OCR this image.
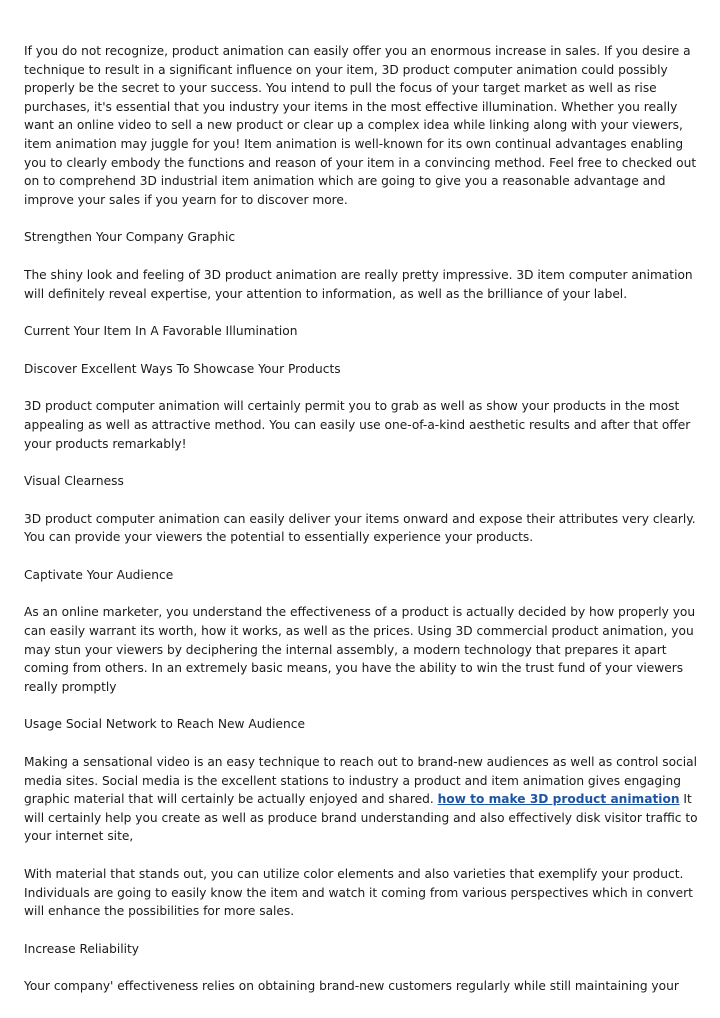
If you do not recognize, product animation can easily offer you an enormous increase in sales. If you desire a technique to result in a significant influence on your item, 3D product computer animation could possibly properly be the secret to your success. You intend to pull the focus of your target market as well as rise purchases, it's essential that you industry your items in the most effective illumination. Whether you really want an online video to sell a new product or clear up a complex idea while linking along with your viewers, item animation may juggle for you! Item animation is well-known for its own continual advantages enabling you to clearly embody the functions and reason of your item in a convincing method. Feel free to checked out on to comprehend 3D industrial item animation which are going to give you a reasonable advantage and improve your sales if you yearn for to discover more.

Strengthen Your Company Graphic

The shiny look and feeling of 3D product animation are really pretty impressive. 3D item computer animation will definitely reveal expertise, your attention to information, as well as the brilliance of your label.

Current Your Item In A Favorable Illumination

Discover Excellent Ways To Showcase Your Products

3D product computer animation will certainly permit you to grab as well as show your products in the most appealing as well as attractive method. You can easily use one-of-a-kind aesthetic results and after that offer your products remarkably!

Visual Clearness

3D product computer animation can easily deliver your items onward and expose their attributes very clearly. You can provide your viewers the potential to essentially experience your products.

Captivate Your Audience

As an online marketer, you understand the effectiveness of a product is actually decided by how properly you can easily warrant its worth, how it works, as well as the prices. Using 3D commercial product animation, you may stun your viewers by deciphering the internal assembly, a modern technology that prepares it apart coming from others. In an extremely basic means, you have the ability to win the trust fund of your viewers really promptly

Usage Social Network to Reach New Audience

Making a sensational video is an easy technique to reach out to brand-new audiences as well as control social media sites. Social media is the excellent stations to industry a product and item animation gives engaging graphic material that will certainly be actually enjoyed and shared. how to make 3D product animation It will certainly help you create as well as produce brand understanding and also effectively disk visitor traffic to your internet site,

With material that stands out, you can utilize color elements and also varieties that exemplify your product. Individuals are going to easily know the item and watch it coming from various perspectives which in convert will enhance the possibilities for more sales.

Increase Reliability

Your company' effectiveness relies on obtaining brand-new customers regularly while still maintaining your
